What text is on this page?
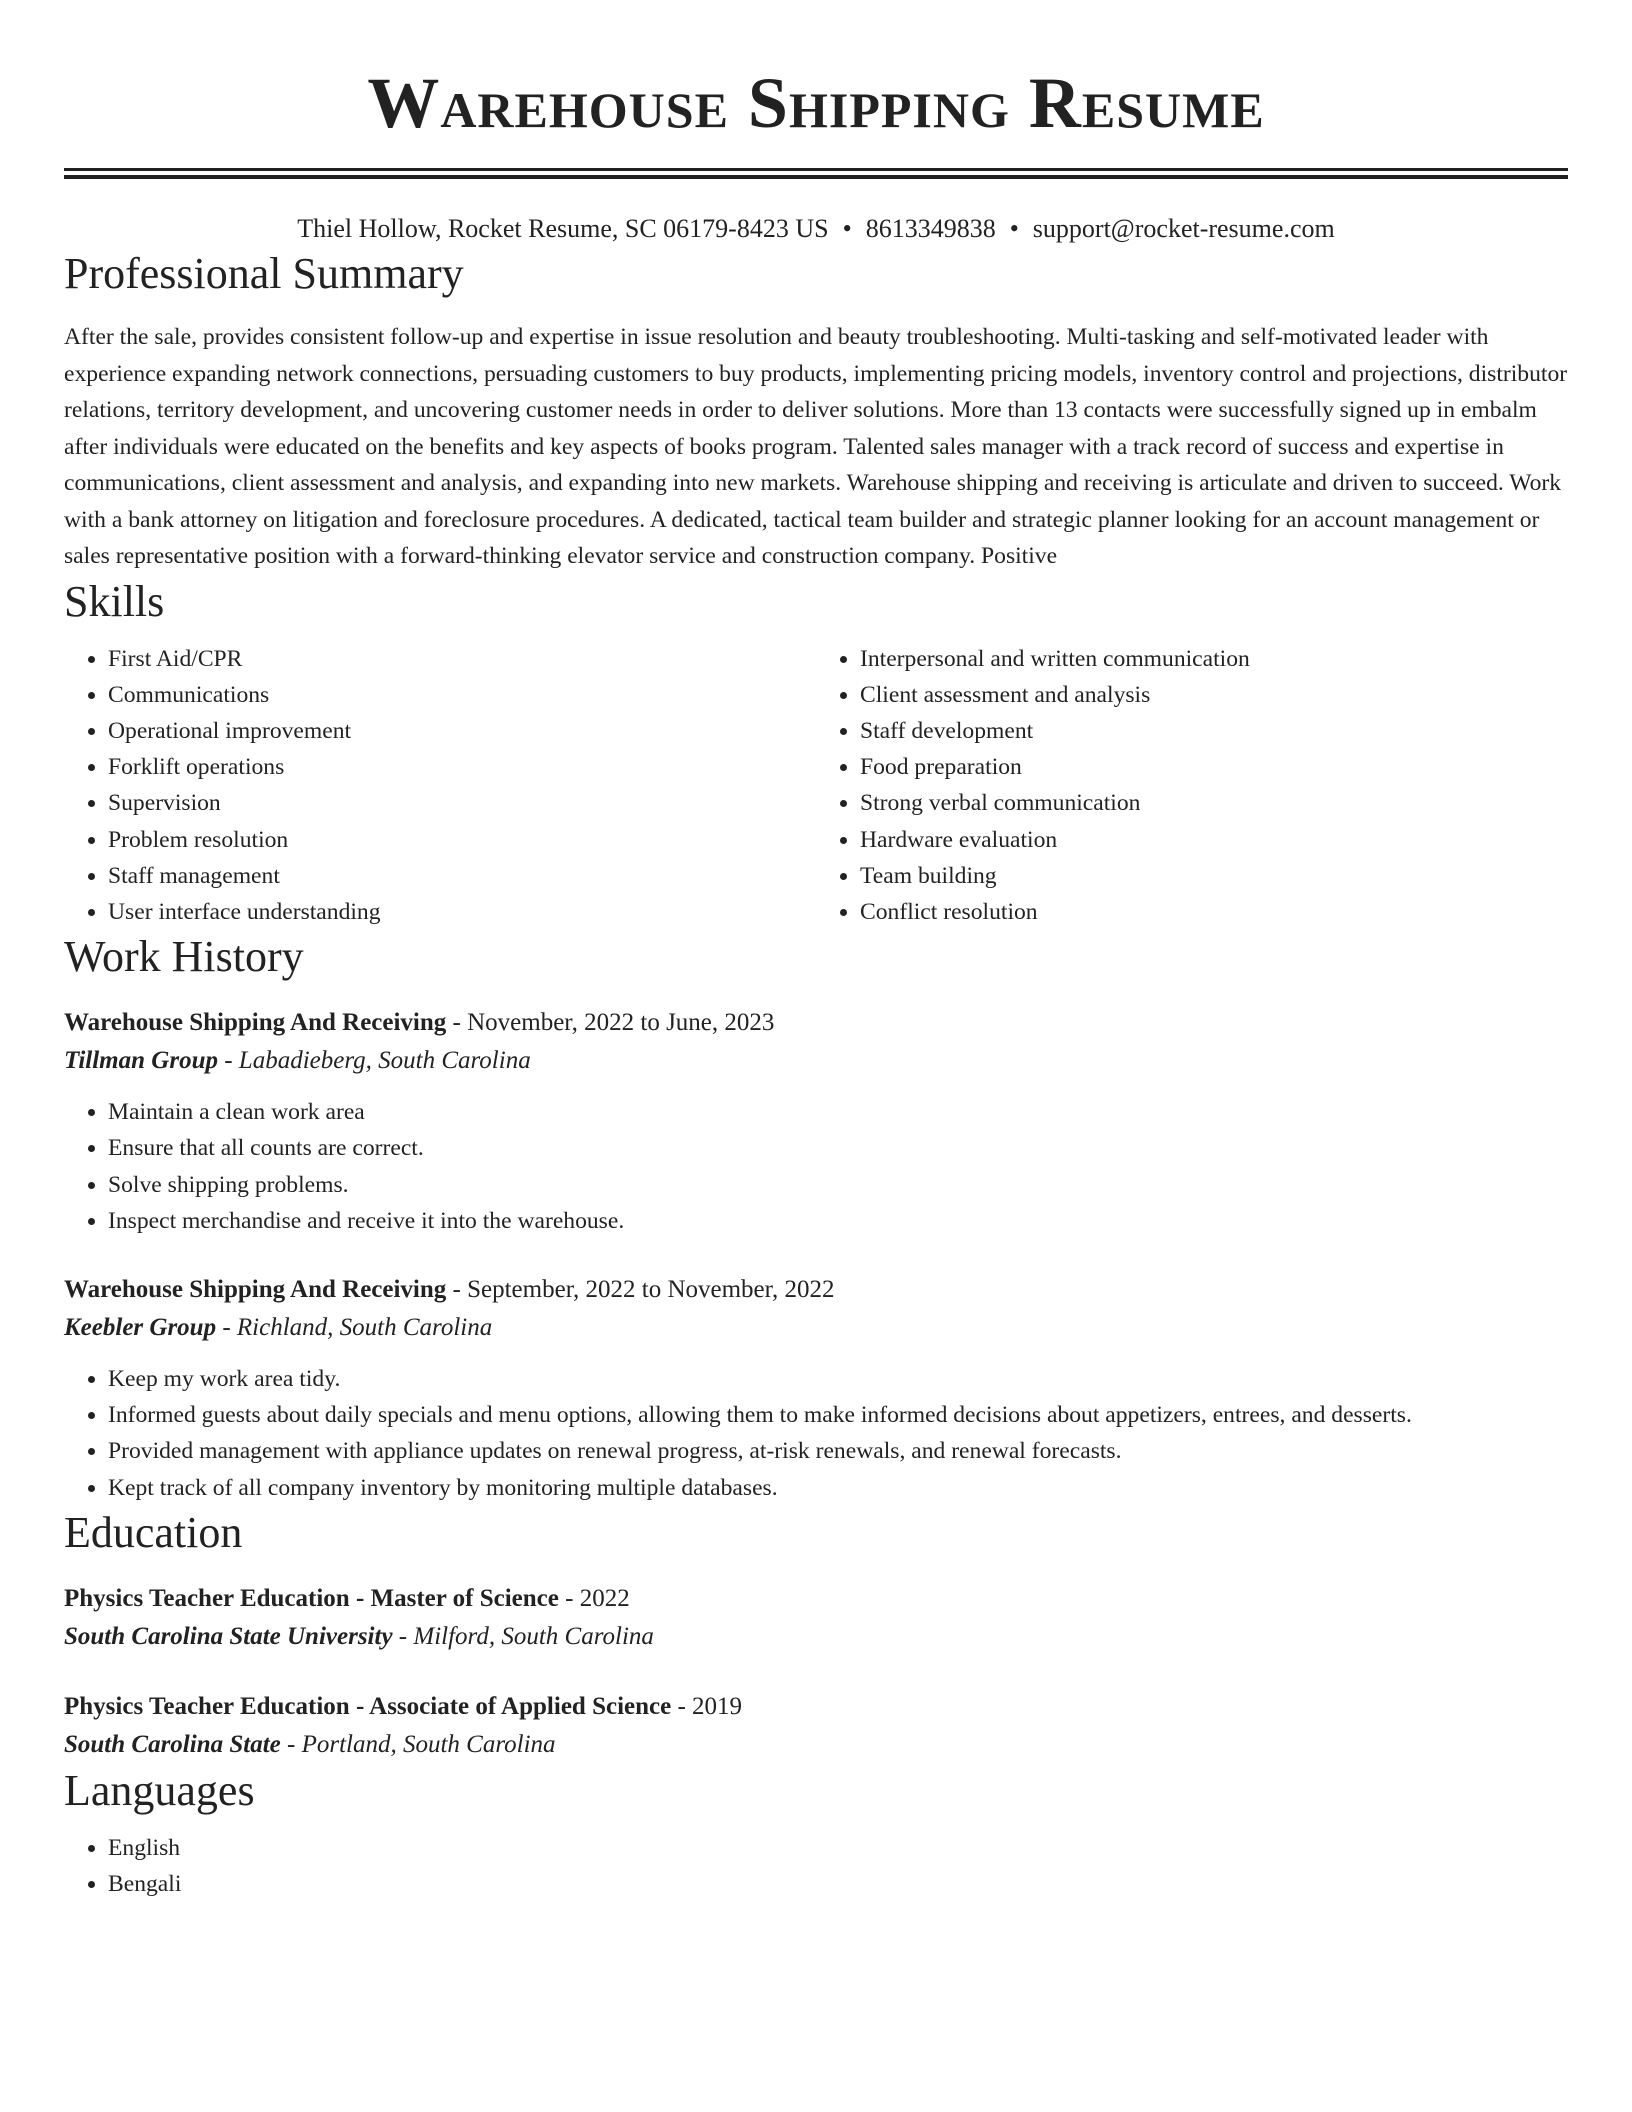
Warehouse Shipping Resume
Thiel Hollow, Rocket Resume, SC 06179-8423 US • 8613349838 • support@rocket-resume.com
Professional Summary

After the sale, provides consistent follow-up and expertise in issue resolution and beauty troubleshooting. Multi-tasking and self-motivated leader with experience expanding network connections, persuading customers to buy products, implementing pricing models, inventory control and projections, distributor relations, territory development, and uncovering customer needs in order to deliver solutions. More than 13 contacts were successfully signed up in embalm after individuals were educated on the benefits and key aspects of books program. Talented sales manager with a track record of success and expertise in communications, client assessment and analysis, and expanding into new markets. Warehouse shipping and receiving is articulate and driven to succeed. Work with a bank attorney on litigation and foreclosure procedures. A dedicated, tactical team builder and strategic planner looking for an account management or sales representative position with a forward-thinking elevator service and construction company. Positive

Skills
• First Aid/CPR
• Communications
• Operational improvement
• Forklift operations
• Supervision
• Problem resolution
• Staff management
• User interface understanding
• Interpersonal and written communication
• Client assessment and analysis
• Staff development
• Food preparation
• Strong verbal communication
• Hardware evaluation
• Team building
• Conflict resolution
Work History
Warehouse Shipping And Receiving - November, 2022 to June, 2023
Tillman Group - Labadieberg, South Carolina
• Maintain a clean work area
• Ensure that all counts are correct.
• Solve shipping problems.
• Inspect merchandise and receive it into the warehouse.
Warehouse Shipping And Receiving - September, 2022 to November, 2022
Keebler Group - Richland, South Carolina
• Keep my work area tidy.
• Informed guests about daily specials and menu options, allowing them to make informed decisions about appetizers, entrees, and desserts.
• Provided management with appliance updates on renewal progress, at-risk renewals, and renewal forecasts.
• Kept track of all company inventory by monitoring multiple databases.
Education
Physics Teacher Education - Master of Science - 2022
South Carolina State University - Milford, South Carolina
Physics Teacher Education - Associate of Applied Science - 2019
South Carolina State - Portland, South Carolina
Languages
• English
• Bengali
